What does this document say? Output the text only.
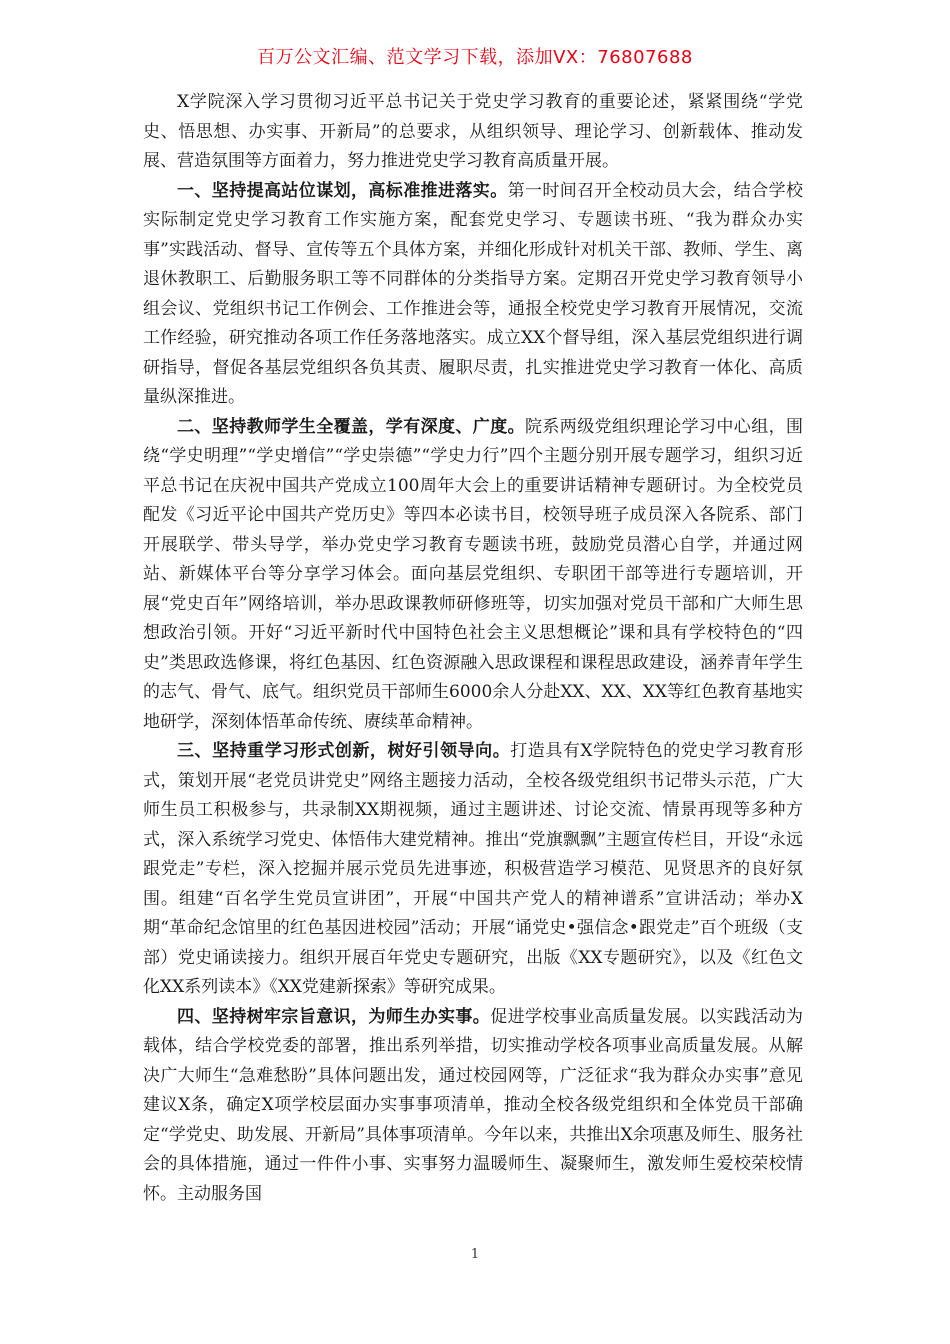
百万公文汇编、范文学习下载，添加VX：76807688

X学院深入学习贯彻习近平总书记关于党史学习教育的重要论述，紧紧围绕“学党史、悟思想、办实事、开新局”的总要求，从组织领导、理论学习、创新载体、推动发展、营造氛围等方面着力，努力推进党史学习教育高质量开展。

一、坚持提高站位谋划，高标准推进落实。第一时间召开全校动员大会，结合学校实际制定党史学习教育工作实施方案，配套党史学习、专题读书班、“我为群众办实事”实践活动、督导、宣传等五个具体方案，并细化形成针对机关干部、教师、学生、离退休教职工、后勤服务职工等不同群体的分类指导方案。定期召开党史学习教育领导小组会议、党组织书记工作例会、工作推进会等，通报全校党史学习教育开展情况，交流工作经验，研究推动各项工作任务落地落实。成立XX个督导组，深入基层党组织进行调研指导，督促各基层党组织各负其责、履职尽责，扎实推进党史学习教育一体化、高质量纵深推进。

二、坚持教师学生全覆盖，学有深度、广度。院系两级党组织理论学习中心组，围绕“学史明理”“学史增信”“学史崇德”“学史力行”四个主题分别开展专题学习，组织习近平总书记在庆祝中国共产党成立100周年大会上的重要讲话精神专题研讨。为全校党员配发《习近平论中国共产党历史》等四本必读书目，校领导班子成员深入各院系、部门开展联学、带头导学，举办党史学习教育专题读书班，鼓励党员潜心自学，并通过网站、新媒体平台等分享学习体会。面向基层党组织、专职团干部等进行专题培训，开展“党史百年”网络培训，举办思政课教师研修班等，切实加强对党员干部和广大师生思想政治引领。开好“习近平新时代中国特色社会主义思想概论”课和具有学校特色的“四史”类思政选修课，将红色基因、红色资源融入思政课程和课程思政建设，涵养青年学生的志气、骨气、底气。组织党员干部师生6000余人分赴XX、XX、XX等红色教育基地实地研学，深刻体悟革命传统、赓续革命精神。

三、坚持重学习形式创新，树好引领导向。打造具有X学院特色的党史学习教育形式，策划开展“老党员讲党史”网络主题接力活动，全校各级党组织书记带头示范，广大师生员工积极参与，共录制XX期视频，通过主题讲述、讨论交流、情景再现等多种方式，深入系统学习党史、体悟伟大建党精神。推出“党旗飘飘”主题宣传栏目，开设“永远跟党走”专栏，深入挖掘并展示党员先进事迹，积极营造学习模范、见贤思齐的良好氛围。组建“百名学生党员宣讲团”，开展“中国共产党人的精神谱系”宣讲活动；举办X期“革命纪念馆里的红色基因进校园”活动；开展“诵党史•强信念•跟党走”百个班级（支部）党史诵读接力。组织开展百年党史专题研究，出版《XX专题研究》，以及《红色文化XX系列读本》《XX党建新探索》等研究成果。

四、坚持树牢宗旨意识，为师生办实事。促进学校事业高质量发展。以实践活动为载体，结合学校党委的部署，推出系列举措，切实推动学校各项事业高质量发展。从解决广大师生“急难愁盼”具体问题出发，通过校园网等，广泛征求“我为群众办实事”意见建议X条，确定X项学校层面办实事事项清单，推动全校各级党组织和全体党员干部确定“学党史、助发展、开新局”具体事项清单。今年以来，共推出X余项惠及师生、服务社会的具体措施，通过一件件小事、实事努力温暖师生、凝聚师生，激发师生爱校荣校情怀。主动服务国

1
